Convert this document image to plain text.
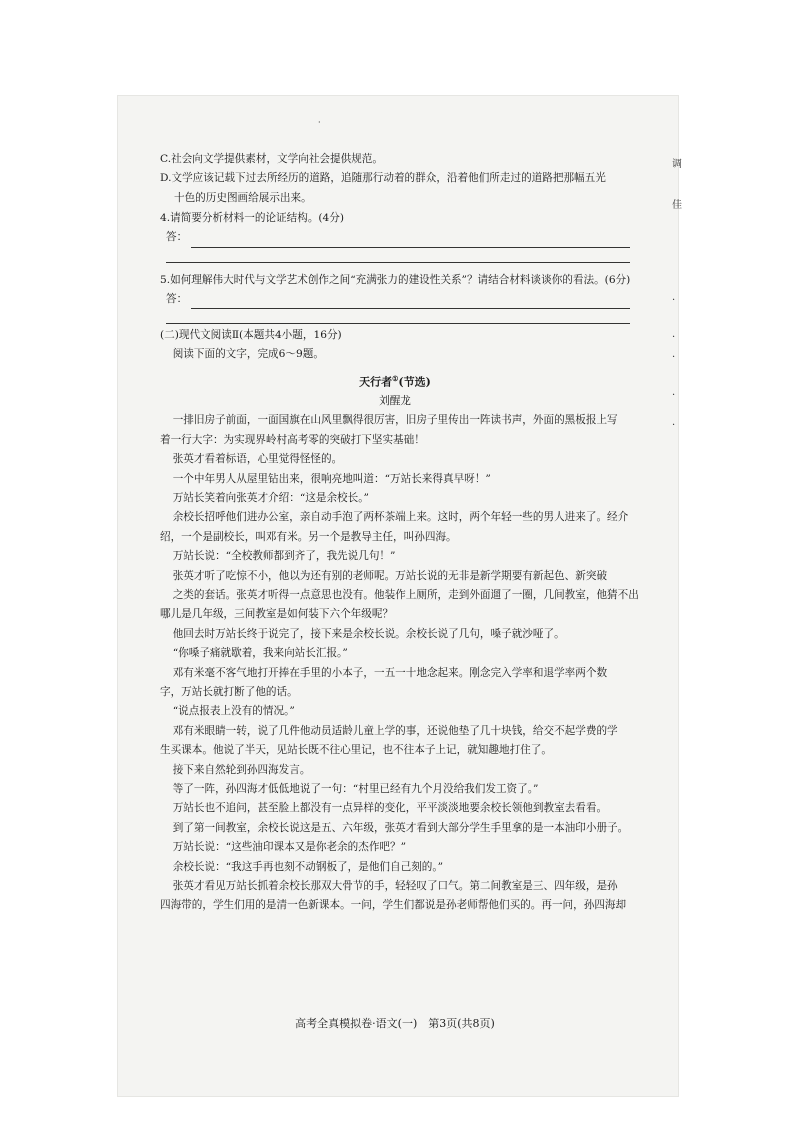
·
C.社会向文学提供素材，文学向社会提供规范。
D.文学应该记载下过去所经历的道路，追随那行动着的群众，沿着他们所走过的道路把那幅五光
十色的历史图画给展示出来。
4.请简要分析材料一的论证结构。(4分)
答：
5.如何理解伟大时代与文学艺术创作之间“充满张力的建设性关系”？请结合材料谈谈你的看法。(6分)
答：
(二)现代文阅读Ⅱ(本题共4小题，16分)
阅读下面的文字，完成6～9题。
天行者①(节选)
刘醒龙
一排旧房子前面，一面国旗在山风里飘得很厉害，旧房子里传出一阵读书声，外面的黑板报上写
着一行大字：为实现界岭村高考零的突破打下坚实基础！
张英才看着标语，心里觉得怪怪的。
一个中年男人从屋里钻出来，很响亮地叫道：“万站长来得真早呀！”
万站长笑着向张英才介绍：“这是余校长。”
余校长招呼他们进办公室，亲自动手泡了两杯茶端上来。这时，两个年轻一些的男人进来了。经介
绍，一个是副校长，叫邓有米。另一个是教导主任，叫孙四海。
万站长说：“全校教师都到齐了，我先说几句！”
张英才听了吃惊不小，他以为还有别的老师呢。万站长说的无非是新学期要有新起色、新突破
之类的套话。张英才听得一点意思也没有。他装作上厕所，走到外面遛了一圈，几间教室，他猜不出
哪儿是几年级，三间教室是如何装下六个年级呢？
他回去时万站长终于说完了，接下来是余校长说。余校长说了几句，嗓子就沙哑了。
“你嗓子痛就歇着，我来向站长汇报。”
邓有米毫不客气地打开捧在手里的小本子，一五一十地念起来。刚念完入学率和退学率两个数
字，万站长就打断了他的话。
“说点报表上没有的情况。”
邓有米眼睛一转，说了几件他动员适龄儿童上学的事，还说他垫了几十块钱，给交不起学费的学
生买课本。他说了半天，见站长既不往心里记，也不往本子上记，就知趣地打住了。
接下来自然轮到孙四海发言。
等了一阵，孙四海才低低地说了一句：“村里已经有九个月没给我们发工资了。”
万站长也不追问，甚至脸上都没有一点异样的变化，平平淡淡地要余校长领他到教室去看看。
到了第一间教室，余校长说这是五、六年级，张英才看到大部分学生手里拿的是一本油印小册子。
万站长说：“这些油印课本又是你老余的杰作吧？”
余校长说：“我这手再也刻不动钢板了，是他们自己刻的。”
张英才看见万站长抓着余校长那双大骨节的手，轻轻叹了口气。第二间教室是三、四年级，是孙
四海带的，学生们用的是清一色新课本。一问，学生们都说是孙老师帮他们买的。再一问，孙四海却
高考全真模拟卷·语文(一)　第3页(共8页)
调
佳
·
·
·
·
·
